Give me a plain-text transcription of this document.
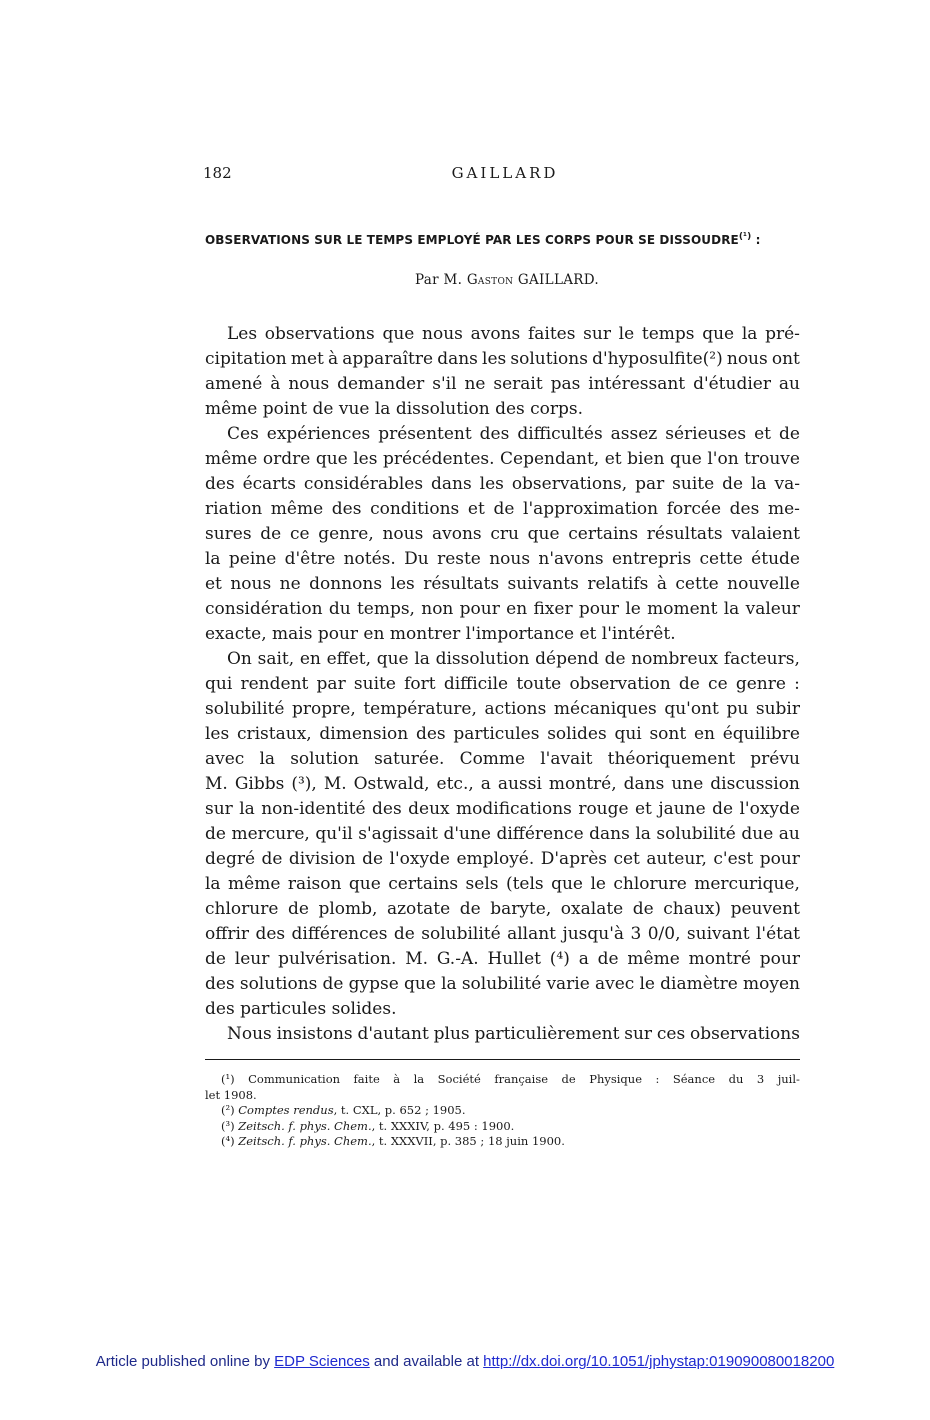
182	GAILLARD
OBSERVATIONS SUR LE TEMPS EMPLOYÉ PAR LES CORPS POUR SE $DISSOUDRE^{(^1)}$ :
Par M. Gaston GAILLARD.
Les observations que nous avons faites sur le temps que la pré-
cipitation met à apparaître dans les solutions d'hyposulfite(²) nous ont
amené à nous demander s'il ne serait pas intéressant d'étudier au
même point de vue la dissolution des corps.
Ces expériences présentent des difficultés assez sérieuses et de
même ordre que les précédentes. Cependant, et bien que l'on trouve
des écarts considérables dans les observations, par suite de la va-
riation même des conditions et de l'approximation forcée des me-
sures de ce genre, nous avons cru que certains résultats valaient
la peine d'être notés. Du reste nous n'avons entrepris cette étude
et nous ne donnons les résultats suivants relatifs à cette nouvelle
considération du temps, non pour en fixer pour le moment la valeur
exacte, mais pour en montrer l'importance et l'intérêt.
On sait, en effet, que la dissolution dépend de nombreux facteurs,
qui rendent par suite fort difficile toute observation de ce genre :
solubilité propre, température, actions mécaniques qu'ont pu subir
les cristaux, dimension des particules solides qui sont en équilibre
avec la solution saturée. Comme l'avait théoriquement prévu
M. Gibbs (³), M. Ostwald, etc., a aussi montré, dans une discussion
sur la non-identité des deux modifications rouge et jaune de l'oxyde
de mercure, qu'il s'agissait d'une différence dans la solubilité due au
degré de division de l'oxyde employé. D'après cet auteur, c'est pour
la même raison que certains sels (tels que le chlorure mercurique,
chlorure de plomb, azotate de baryte, oxalate de chaux) peuvent
offrir des différences de solubilité allant jusqu'à 3 0/0, suivant l'état
de leur pulvérisation. M. G.-A. Hullet (⁴) a de même montré pour
des solutions de gypse que la solubilité varie avec le diamètre moyen
des particules solides.
Nous insistons d'autant plus particulièrement sur ces observations
(¹) Communication faite à la Société française de Physique : Séance du 3 juil-
let 1908.
(²) Comptes rendus, t. CXL, p. 652 ; 1905.
(³) Zeitsch. f. phys. Chem., t. XXXIV, p. 495 : 1900.
(⁴) Zeitsch. f. phys. Chem., t. XXXVII, p. 385 ; 18 juin 1900.
Article published online by EDP Sciences and available at http://dx.doi.org/10.1051/jphystap:019090080018200
